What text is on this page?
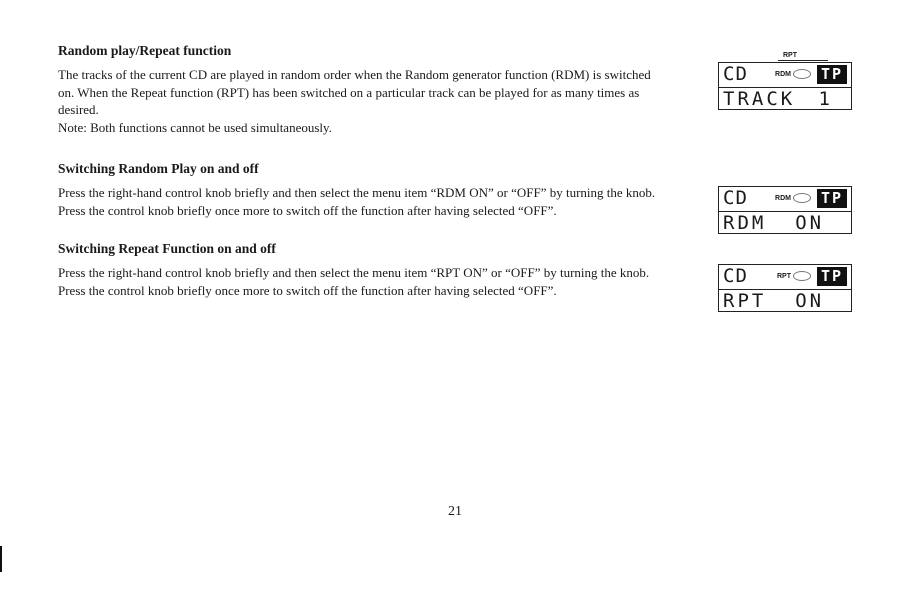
Random play/Repeat function

The tracks of the current CD are played in random order when the Random generator function (RDM) is switched on. When the Repeat function (RPT) has been switched on a particular track can be played for as many times as desired.

Note: Both functions cannot be used simultaneously.

Switching Random Play on and off

Press the right-hand control knob briefly and then select the menu item “RDM ON” or “OFF” by turning the knob. Press the control knob briefly once more to switch off the function after having selected “OFF”.

Switching Repeat Function on and off

Press the right-hand control knob briefly and then select the menu item “RPT ON” or “OFF” by turning the knob. Press the control knob briefly once more to switch off the function after having selected “OFF”.

RPT
CD	RDM	TP
TRACK 1
CD	RDM	TP
RDM  ON
CD	RPT	TP
RPT  ON
21
